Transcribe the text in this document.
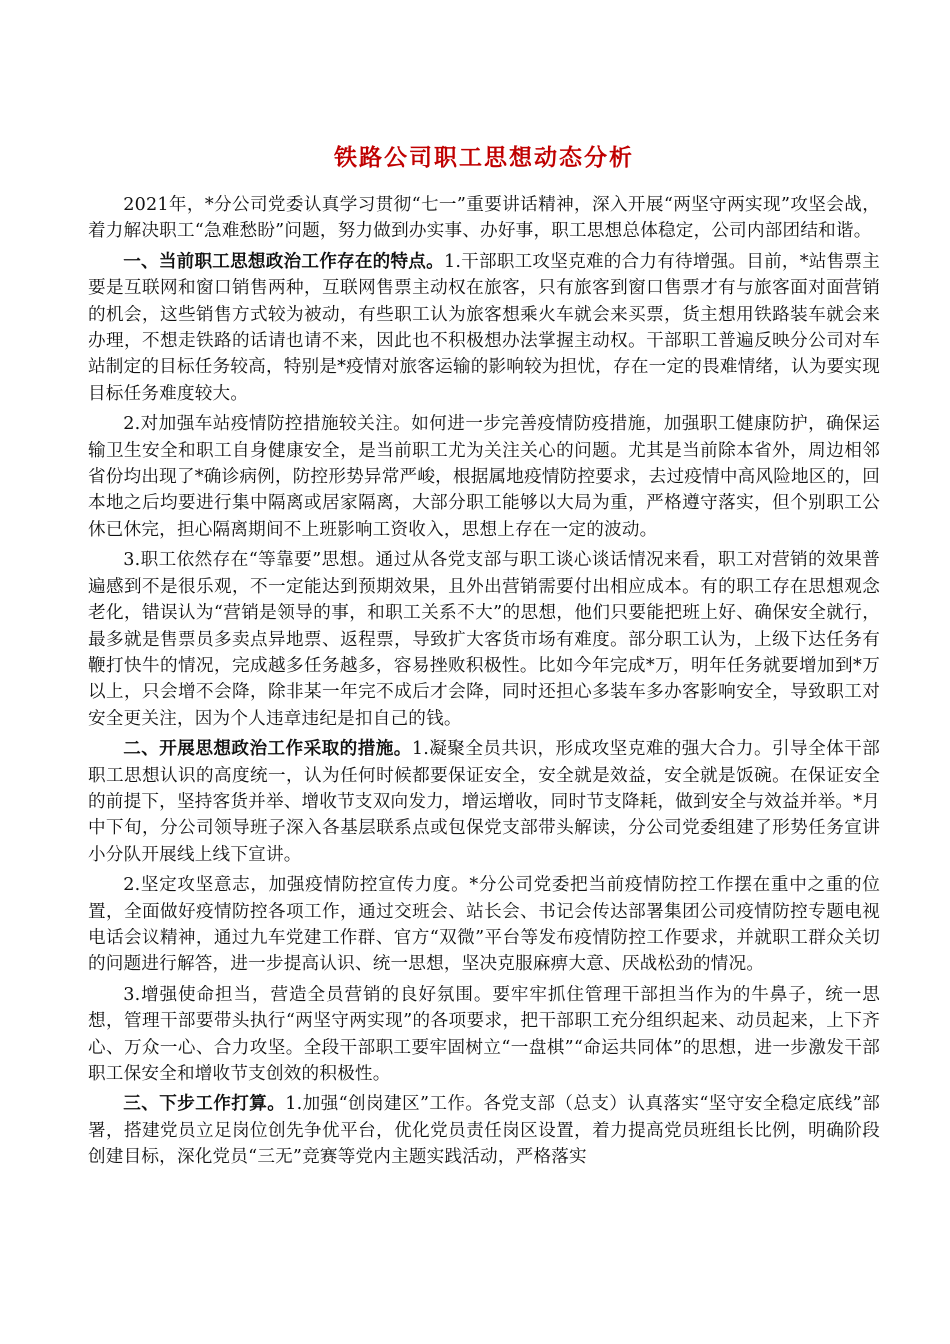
铁路公司职工思想动态分析

2021年，*分公司党委认真学习贯彻“七一”重要讲话精神，深入开展“两坚守两实现”攻坚会战，着力解决职工“急难愁盼”问题，努力做到办实事、办好事，职工思想总体稳定，公司内部团结和谐。

一、当前职工思想政治工作存在的特点。1.干部职工攻坚克难的合力有待增强。目前，*站售票主要是互联网和窗口销售两种，互联网售票主动权在旅客，只有旅客到窗口售票才有与旅客面对面营销的机会，这些销售方式较为被动，有些职工认为旅客想乘火车就会来买票，货主想用铁路装车就会来办理，不想走铁路的话请也请不来，因此也不积极想办法掌握主动权。干部职工普遍反映分公司对车站制定的目标任务较高，特别是*疫情对旅客运输的影响较为担忧，存在一定的畏难情绪，认为要实现目标任务难度较大。

2.对加强车站疫情防控措施较关注。如何进一步完善疫情防疫措施，加强职工健康防护，确保运输卫生安全和职工自身健康安全，是当前职工尤为关注关心的问题。尤其是当前除本省外，周边相邻省份均出现了*确诊病例，防控形势异常严峻，根据属地疫情防控要求，去过疫情中高风险地区的，回本地之后均要进行集中隔离或居家隔离，大部分职工能够以大局为重，严格遵守落实，但个别职工公休已休完，担心隔离期间不上班影响工资收入，思想上存在一定的波动。

3.职工依然存在“等靠要”思想。通过从各党支部与职工谈心谈话情况来看，职工对营销的效果普遍感到不是很乐观，不一定能达到预期效果，且外出营销需要付出相应成本。有的职工存在思想观念老化，错误认为“营销是领导的事，和职工关系不大”的思想，他们只要能把班上好、确保安全就行，最多就是售票员多卖点异地票、返程票，导致扩大客货市场有难度。部分职工认为，上级下达任务有鞭打快牛的情况，完成越多任务越多，容易挫败积极性。比如今年完成*万，明年任务就要增加到*万以上，只会增不会降，除非某一年完不成后才会降，同时还担心多装车多办客影响安全，导致职工对安全更关注，因为个人违章违纪是扣自己的钱。

二、开展思想政治工作采取的措施。1.凝聚全员共识，形成攻坚克难的强大合力。引导全体干部职工思想认识的高度统一，认为任何时候都要保证安全，安全就是效益，安全就是饭碗。在保证安全的前提下，坚持客货并举、增收节支双向发力，增运增收，同时节支降耗，做到安全与效益并举。*月中下旬，分公司领导班子深入各基层联系点或包保党支部带头解读，分公司党委组建了形势任务宣讲小分队开展线上线下宣讲。

2.坚定攻坚意志，加强疫情防控宣传力度。*分公司党委把当前疫情防控工作摆在重中之重的位置，全面做好疫情防控各项工作，通过交班会、站长会、书记会传达部署集团公司疫情防控专题电视电话会议精神，通过九车党建工作群、官方“双微”平台等发布疫情防控工作要求，并就职工群众关切的问题进行解答，进一步提高认识、统一思想，坚决克服麻痹大意、厌战松劲的情况。

3.增强使命担当，营造全员营销的良好氛围。要牢牢抓住管理干部担当作为的牛鼻子，统一思想，管理干部要带头执行“两坚守两实现”的各项要求，把干部职工充分组织起来、动员起来，上下齐心、万众一心、合力攻坚。全段干部职工要牢固树立“一盘棋”“命运共同体”的思想，进一步激发干部职工保安全和增收节支创效的积极性。

三、下步工作打算。1.加强“创岗建区”工作。各党支部（总支）认真落实“坚守安全稳定底线”部署，搭建党员立足岗位创先争优平台，优化党员责任岗区设置，着力提高党员班组长比例，明确阶段创建目标，深化党员“三无”竞赛等党内主题实践活动，严格落实
